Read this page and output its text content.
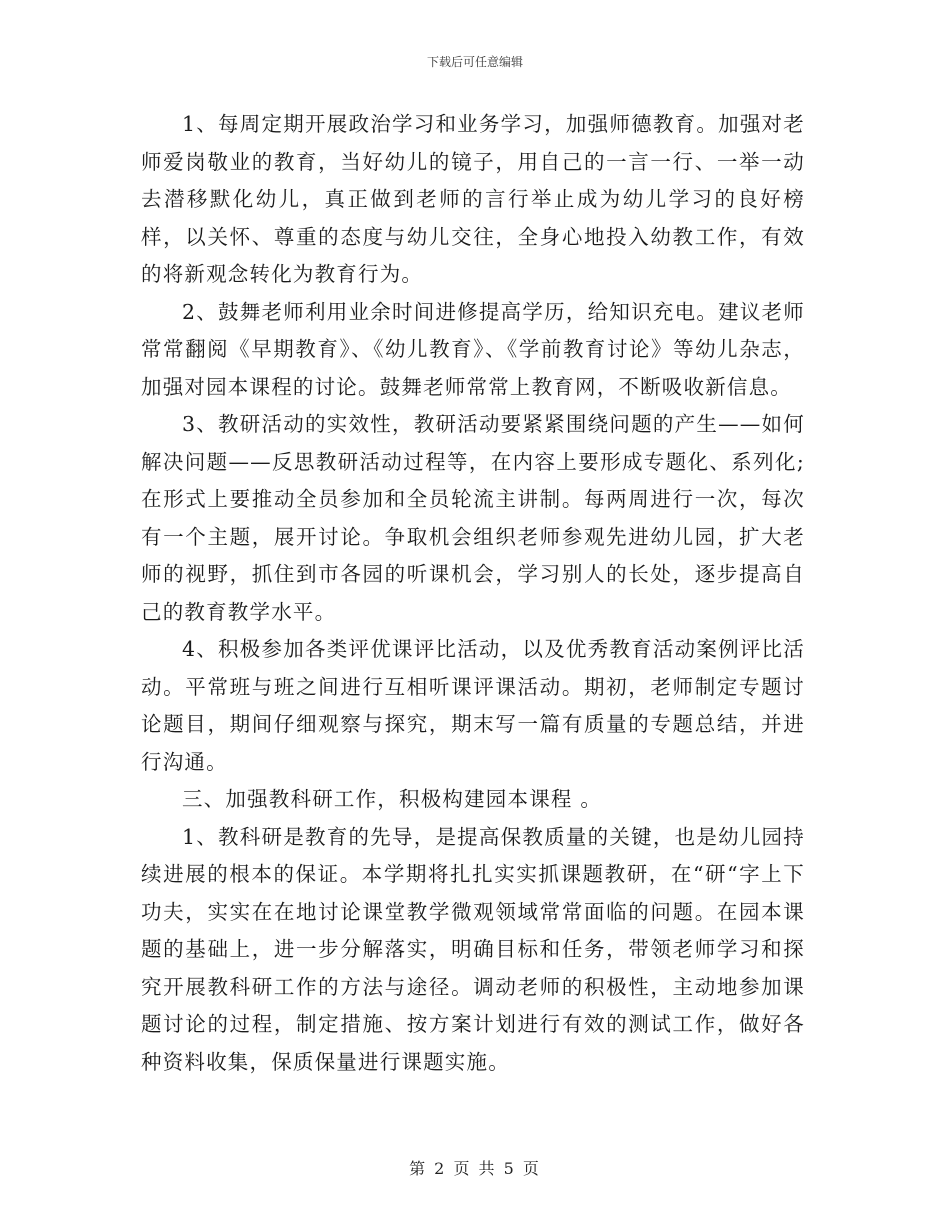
下载后可任意编辑

1、每周定期开展政治学习和业务学习，加强师德教育。加强对老师爱岗敬业的教育，当好幼儿的镜子，用自己的一言一行、一举一动去潜移默化幼儿，真正做到老师的言行举止成为幼儿学习的良好榜样，以关怀、尊重的态度与幼儿交往，全身心地投入幼教工作，有效的将新观念转化为教育行为。

2、鼓舞老师利用业余时间进修提高学历，给知识充电。建议老师常常翻阅《早期教育》、《幼儿教育》、《学前教育讨论》等幼儿杂志，加强对园本课程的讨论。鼓舞老师常常上教育网，不断吸收新信息。

3、教研活动的实效性，教研活动要紧紧围绕问题的产生——如何解决问题——反思教研活动过程等，在内容上要形成专题化、系列化;在形式上要推动全员参加和全员轮流主讲制。每两周进行一次，每次有一个主题，展开讨论。争取机会组织老师参观先进幼儿园，扩大老师的视野，抓住到市各园的听课机会，学习别人的长处，逐步提高自己的教育教学水平。

4、积极参加各类评优课评比活动，以及优秀教育活动案例评比活动。平常班与班之间进行互相听课评课活动。期初，老师制定专题讨论题目，期间仔细观察与探究，期末写一篇有质量的专题总结，并进行沟通。

三、加强教科研工作，积极构建园本课程 。

1、教科研是教育的先导，是提高保教质量的关键，也是幼儿园持续进展的根本的保证。本学期将扎扎实实抓课题教研，在“研“字上下功夫，实实在在地讨论课堂教学微观领域常常面临的问题。在园本课题的基础上，进一步分解落实，明确目标和任务，带领老师学习和探究开展教科研工作的方法与途径。调动老师的积极性，主动地参加课题讨论的过程，制定措施、按方案计划进行有效的测试工作，做好各种资料收集，保质保量进行课题实施。

第 2 页 共 5 页
